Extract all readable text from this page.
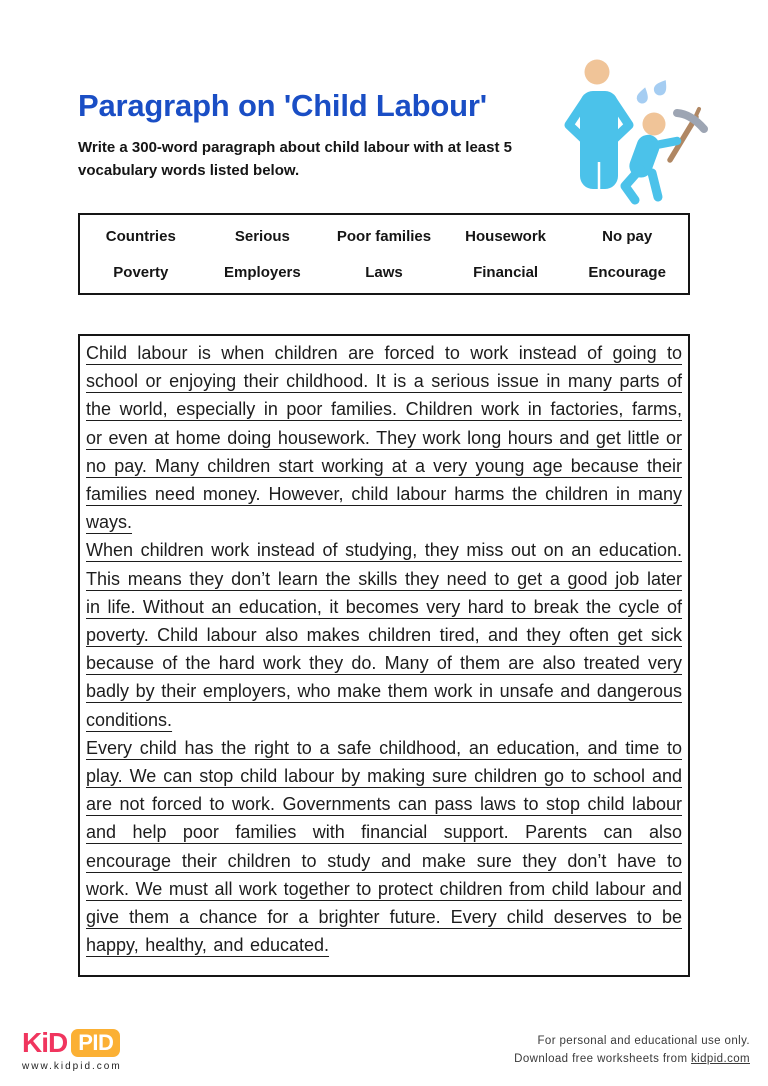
Paragraph on 'Child Labour'
Write a 300-word paragraph about child labour with at least 5 vocabulary words listed below.
Countries	Serious	Poor families	Housework	No pay
Poverty	Employers	Laws	Financial	Encourage

Child labour is when children are forced to work instead of going to school or enjoying their childhood. It is a serious issue in many parts of the world, especially in poor families. Children work in factories, farms, or even at home doing housework. They work long hours and get little or no pay. Many children start working at a very young age because their families need money. However, child labour harms the children in many ways.

When children work instead of studying, they miss out on an education. This means they don’t learn the skills they need to get a good job later in life. Without an education, it becomes very hard to break the cycle of poverty. Child labour also makes children tired, and they often get sick because of the hard work they do. Many of them are also treated very badly by their employers, who make them work in unsafe and dangerous conditions.

Every child has the right to a safe childhood, an education, and time to play. We can stop child labour by making sure children go to school and are not forced to work. Governments can pass laws to stop child labour and help poor families with financial support. Parents can also encourage their children to study and make sure they don’t have to work. We must all work together to protect children from child labour and give them a chance for a brighter future. Every child deserves to be happy, healthy, and educated.

KiD PID
www.kidpid.com
For personal and educational use only.
Download free worksheets from kidpid.com
